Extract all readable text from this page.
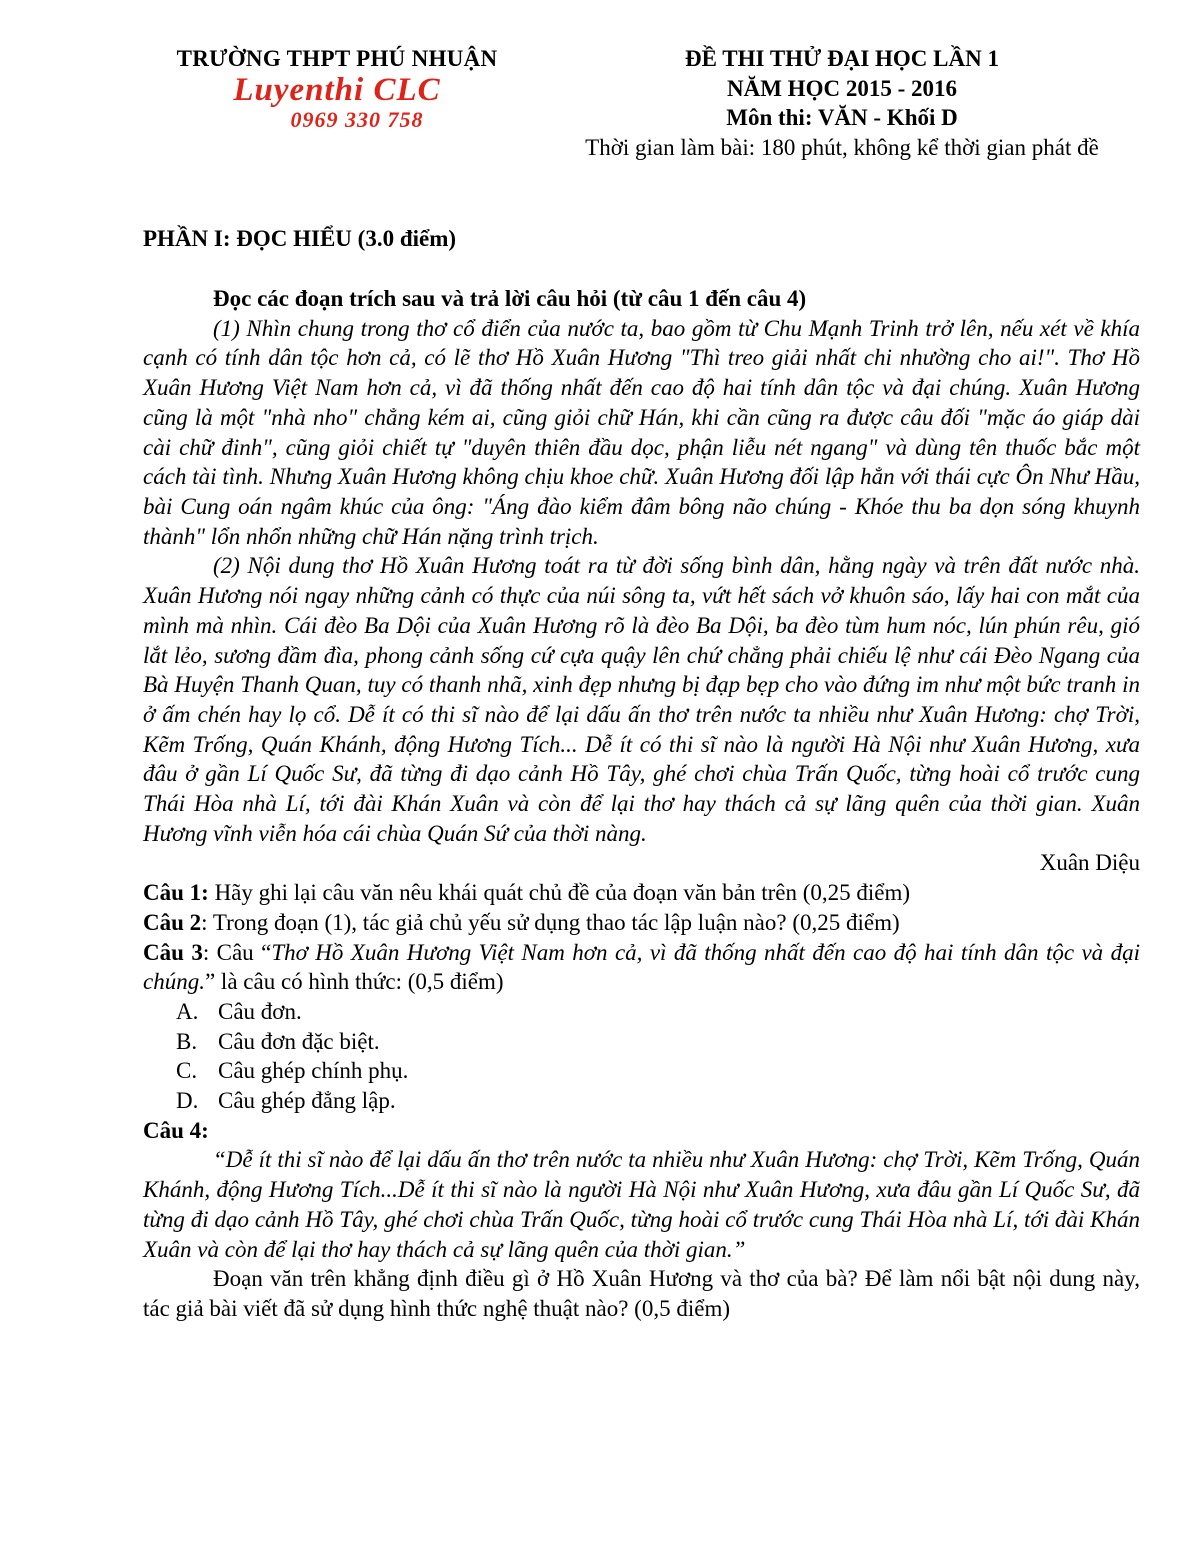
TRƯỜNG THPT PHÚ NHUẬN
Luyenthi CLC
0969 330 758
ĐỀ THI THỬ ĐẠI HỌC LẦN 1
NĂM HỌC 2015 - 2016
Môn thi: VĂN - Khối D
Thời gian làm bài: 180 phút, không kể thời gian phát đề
PHẦN I: ĐỌC HIỂU (3.0 điểm)
Đọc các đoạn trích sau và trả lời câu hỏi (từ câu 1 đến câu 4)

(1) Nhìn chung trong thơ cổ điển của nước ta, bao gồm từ Chu Mạnh Trinh trở lên, nếu xét về khía cạnh có tính dân tộc hơn cả, có lẽ thơ Hồ Xuân Hương "Thì treo giải nhất chi nhường cho ai!". Thơ Hồ Xuân Hương Việt Nam hơn cả, vì đã thống nhất đến cao độ hai tính dân tộc và đại chúng. Xuân Hương cũng là một "nhà nho" chẳng kém ai, cũng giỏi chữ Hán, khi cần cũng ra được câu đối "mặc áo giáp dài cài chữ đinh", cũng giỏi chiết tự "duyên thiên đầu dọc, phận liễu nét ngang" và dùng tên thuốc bắc một cách tài tình. Nhưng Xuân Hương không chịu khoe chữ. Xuân Hương đối lập hẳn với thái cực Ôn Như Hầu, bài Cung oán ngâm khúc của ông: "Áng đào kiểm đâm bông não chúng - Khóe thu ba dọn sóng khuynh thành" lổn nhổn những chữ Hán nặng trình trịch.

(2) Nội dung thơ Hồ Xuân Hương toát ra từ đời sống bình dân, hằng ngày và trên đất nước nhà. Xuân Hương nói ngay những cảnh có thực của núi sông ta, vứt hết sách vở khuôn sáo, lấy hai con mắt của mình mà nhìn. Cái đèo Ba Dội của Xuân Hương rõ là đèo Ba Dội, ba đèo tùm hum nóc, lún phún rêu, gió lắt lẻo, sương đầm đìa, phong cảnh sống cứ cựa quậy lên chứ chẳng phải chiếu lệ như cái Đèo Ngang của Bà Huyện Thanh Quan, tuy có thanh nhã, xinh đẹp nhưng bị đạp bẹp cho vào đứng im như một bức tranh in ở ấm chén hay lọ cổ. Dễ ít có thi sĩ nào để lại dấu ấn thơ trên nước ta nhiều như Xuân Hương: chợ Trời, Kẽm Trống, Quán Khánh, động Hương Tích... Dễ ít có thi sĩ nào là người Hà Nội như Xuân Hương, xưa đâu ở gần Lí Quốc Sư, đã từng đi dạo cảnh Hồ Tây, ghé chơi chùa Trấn Quốc, từng hoài cổ trước cung Thái Hòa nhà Lí, tới đài Khán Xuân và còn để lại thơ hay thách cả sự lãng quên của thời gian. Xuân Hương vĩnh viễn hóa cái chùa Quán Sứ của thời nàng.

Xuân Diệu

Câu 1: Hãy ghi lại câu văn nêu khái quát chủ đề của đoạn văn bản trên (0,25 điểm)

Câu 2: Trong đoạn (1), tác giả chủ yếu sử dụng thao tác lập luận nào? (0,25 điểm)

Câu 3: Câu “Thơ Hồ Xuân Hương Việt Nam hơn cả, vì đã thống nhất đến cao độ hai tính dân tộc và đại chúng.” là câu có hình thức: (0,5 điểm)

A. Câu đơn.
B. Câu đơn đặc biệt.
C. Câu ghép chính phụ.
D. Câu ghép đẳng lập.

Câu 4:

“Dễ ít thi sĩ nào để lại dấu ấn thơ trên nước ta nhiều như Xuân Hương: chợ Trời, Kẽm Trống, Quán Khánh, động Hương Tích...Dễ ít thi sĩ nào là người Hà Nội như Xuân Hương, xưa đâu gần Lí Quốc Sư, đã từng đi dạo cảnh Hồ Tây, ghé chơi chùa Trấn Quốc, từng hoài cổ trước cung Thái Hòa nhà Lí, tới đài Khán Xuân và còn để lại thơ hay thách cả sự lãng quên của thời gian.”

Đoạn văn trên khẳng định điều gì ở Hồ Xuân Hương và thơ của bà? Để làm nổi bật nội dung này, tác giả bài viết đã sử dụng hình thức nghệ thuật nào? (0,5 điểm)
